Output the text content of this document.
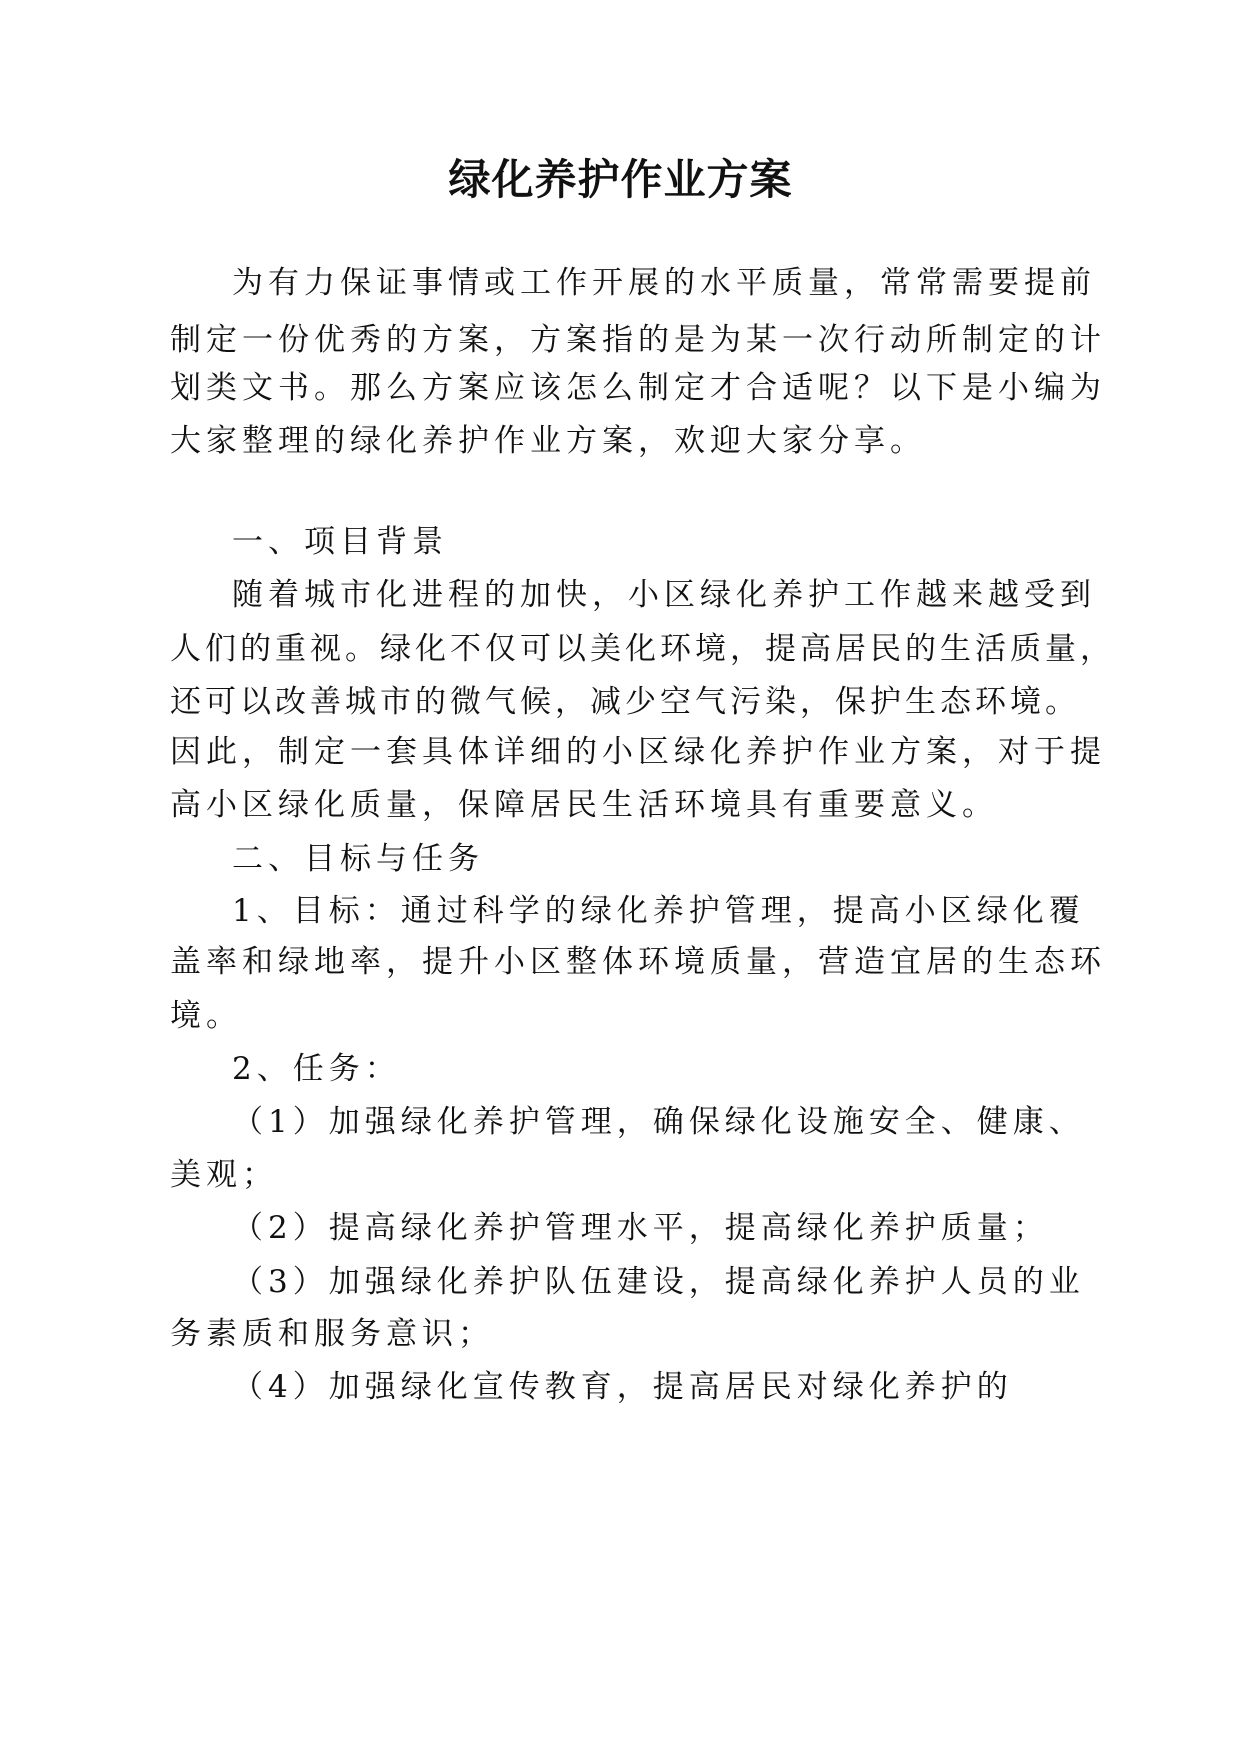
绿化养护作业方案
为有力保证事情或工作开展的水平质量，常常需要提前
制定一份优秀的方案，方案指的是为某一次行动所制定的计
划类文书。那么方案应该怎么制定才合适呢？以下是小编为
大家整理的绿化养护作业方案，欢迎大家分享。
一、项目背景
随着城市化进程的加快，小区绿化养护工作越来越受到
人们的重视。绿化不仅可以美化环境，提高居民的生活质量，
还可以改善城市的微气候，减少空气污染，保护生态环境。
因此，制定一套具体详细的小区绿化养护作业方案，对于提
高小区绿化质量，保障居民生活环境具有重要意义。
二、目标与任务
1、目标：通过科学的绿化养护管理，提高小区绿化覆
盖率和绿地率，提升小区整体环境质量，营造宜居的生态环
境。
2、任务：
（1）加强绿化养护管理，确保绿化设施安全、健康、
美观；
（2）提高绿化养护管理水平，提高绿化养护质量；
（3）加强绿化养护队伍建设，提高绿化养护人员的业
务素质和服务意识；
（4）加强绿化宣传教育，提高居民对绿化养护的
